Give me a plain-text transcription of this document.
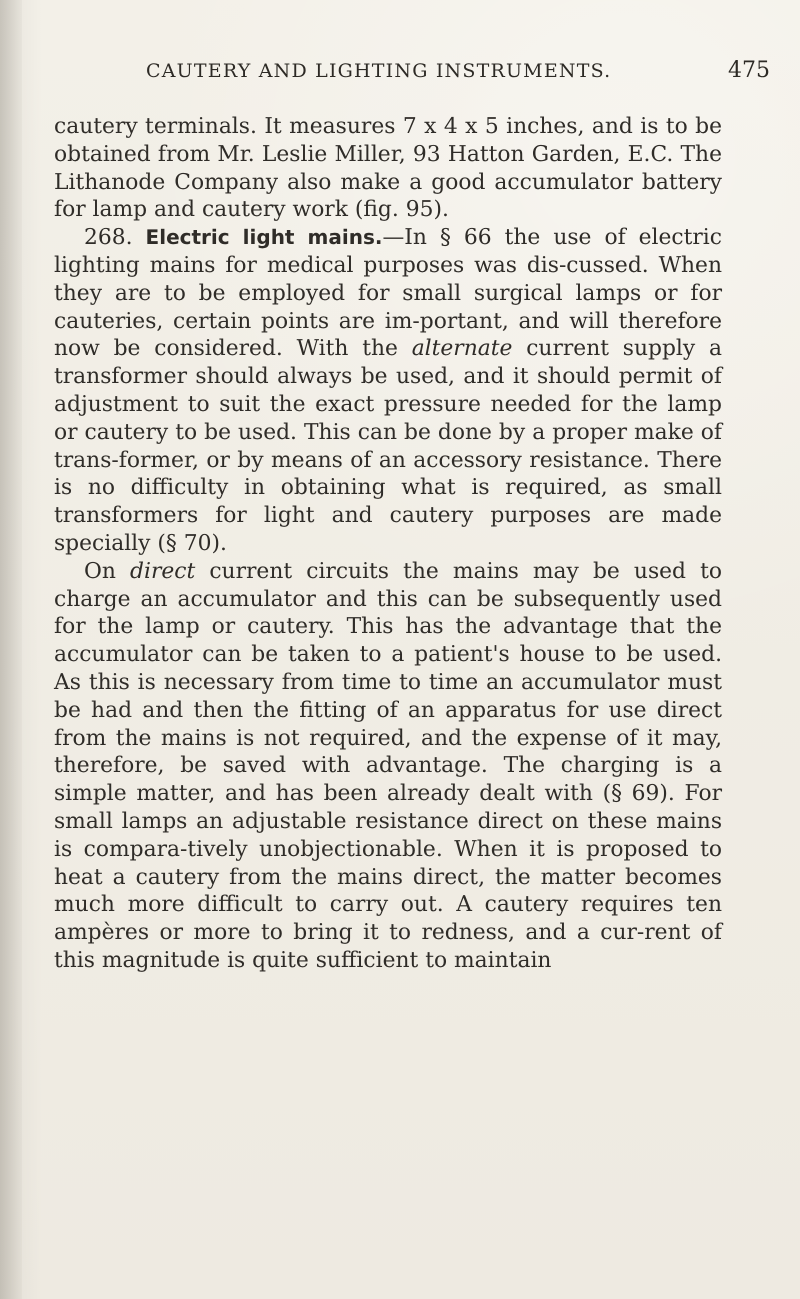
CAUTERY AND LIGHTING INSTRUMENTS.	475

cautery terminals. It measures 7 x 4 x 5 inches, and is to be obtained from Mr. Leslie Miller, 93 Hatton Garden, E.C. The Lithanode Company also make a good accumulator battery for lamp and cautery work (fig. 95).

268. Electric light mains.—In § 66 the use of electric lighting mains for medical purposes was dis-cussed. When they are to be employed for small surgical lamps or for cauteries, certain points are im-portant, and will therefore now be considered. With the alternate current supply a transformer should always be used, and it should permit of adjustment to suit the exact pressure needed for the lamp or cautery to be used. This can be done by a proper make of trans-former, or by means of an accessory resistance. There is no difficulty in obtaining what is required, as small transformers for light and cautery purposes are made specially (§ 70).

On direct current circuits the mains may be used to charge an accumulator and this can be subsequently used for the lamp or cautery. This has the advantage that the accumulator can be taken to a patient's house to be used. As this is necessary from time to time an accumulator must be had and then the fitting of an apparatus for use direct from the mains is not required, and the expense of it may, therefore, be saved with advantage. The charging is a simple matter, and has been already dealt with (§ 69). For small lamps an adjustable resistance direct on these mains is compara-tively unobjectionable. When it is proposed to heat a cautery from the mains direct, the matter becomes much more difficult to carry out. A cautery requires ten ampères or more to bring it to redness, and a cur-rent of this magnitude is quite sufficient to maintain
